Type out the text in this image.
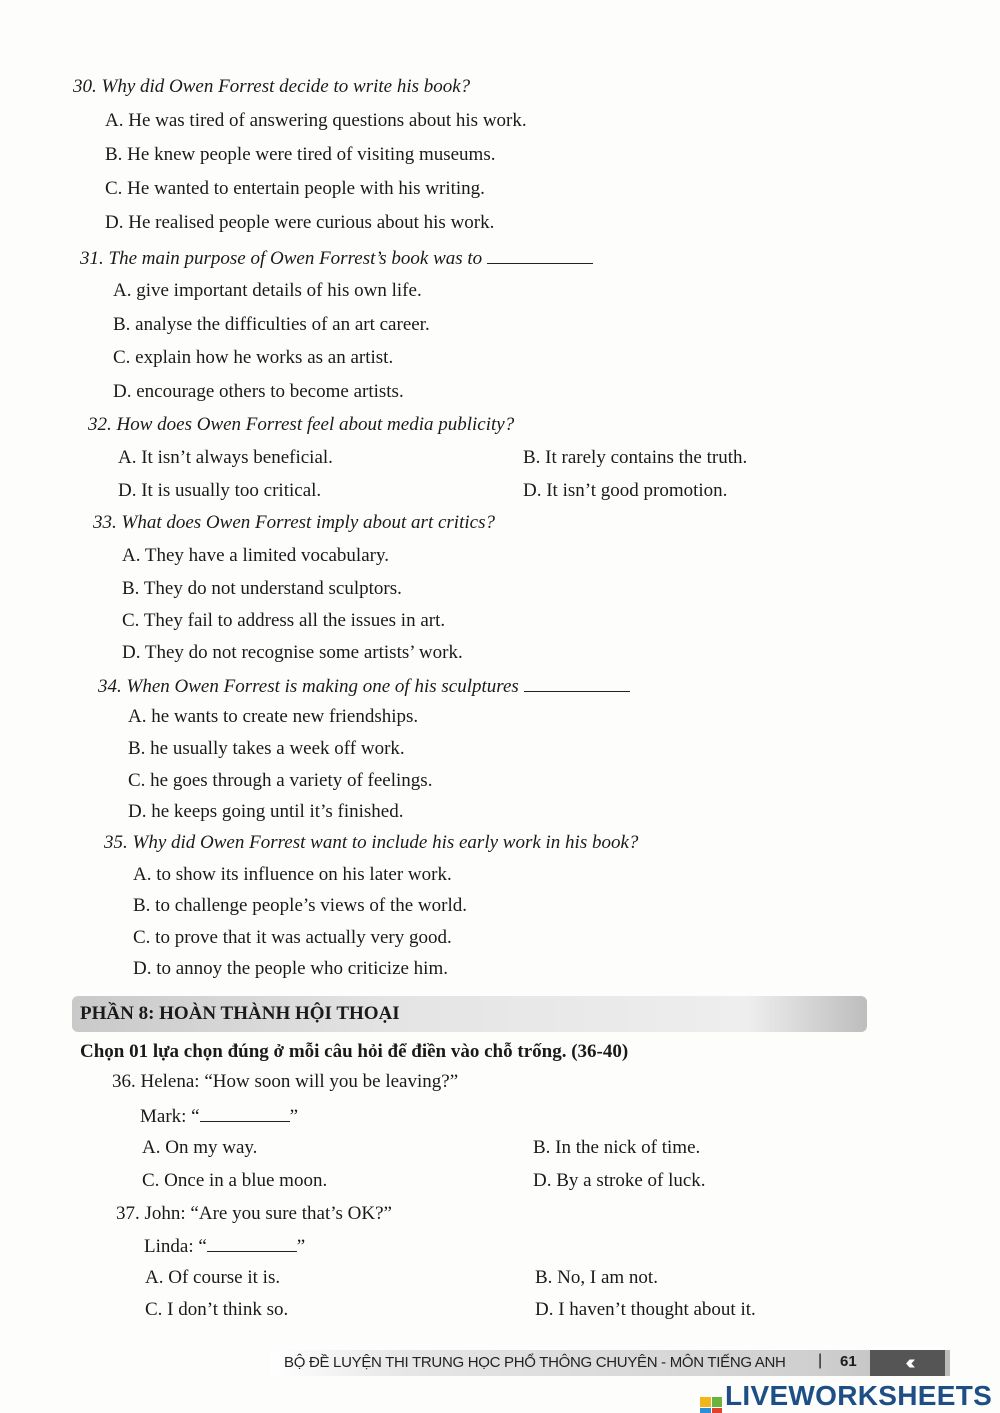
30. Why did Owen Forrest decide to write his book?
A. He was tired of answering questions about his work.
B. He knew people were tired of visiting museums.
C. He wanted to entertain people with his writing.
D. He realised people were curious about his work.
31. The main purpose of Owen Forrest’s book was to
A. give important details of his own life.
B. analyse the difficulties of an art career.
C. explain how he works as an artist.
D. encourage others to become artists.
32. How does Owen Forrest feel about media publicity?
A. It isn’t always beneficial.	B. It rarely contains the truth.
D. It is usually too critical.	D. It isn’t good promotion.
33. What does Owen Forrest imply about art critics?
A. They have a limited vocabulary.
B. They do not understand sculptors.
C. They fail to address all the issues in art.
D. They do not recognise some artists’ work.
34. When Owen Forrest is making one of his sculptures
A. he wants to create new friendships.
B. he usually takes a week off work.
C. he goes through a variety of feelings.
D. he keeps going until it’s finished.
35. Why did Owen Forrest want to include his early work in his book?
A. to show its influence on his later work.
B. to challenge people’s views of the world.
C. to prove that it was actually very good.
D. to annoy the people who criticize him.
PHẦN 8: HOÀN THÀNH HỘI THOẠI
Chọn 01 lựa chọn đúng ở mỗi câu hỏi để điền vào chỗ trống. (36-40)
36. Helena: “How soon will you be leaving?”
Mark: “	”
A. On my way.	B. In the nick of time.
C. Once in a blue moon.	D. By a stroke of luck.
37. John: “Are you sure that’s OK?”
Linda: “	”
A. Of course it is.	B. No, I am not.
C. I don’t think so.	D. I haven’t thought about it.
BỘ ĐỀ LUYỆN THI TRUNG HỌC PHỔ THÔNG CHUYÊN - MÔN TIẾNG ANH | 61	‹‹‹‹‹‹
LIVEWORKSHEETS
